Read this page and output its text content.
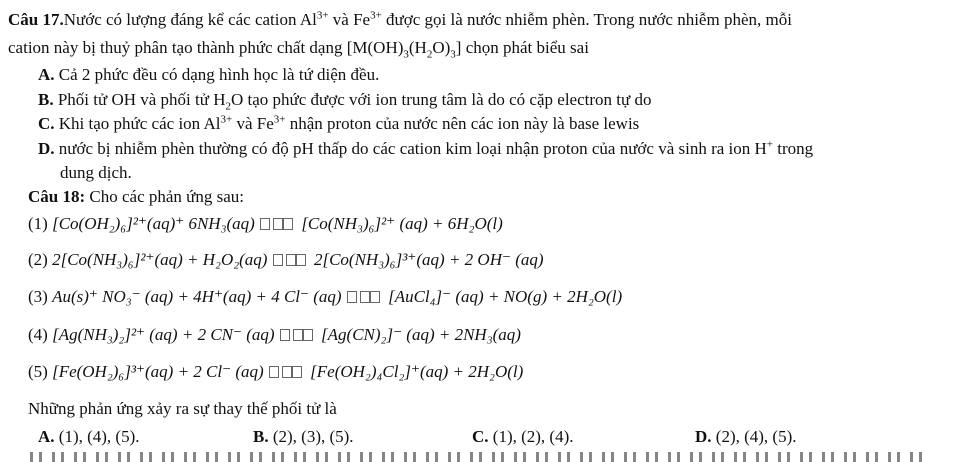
Câu 17.Nước có lượng đáng kể các cation $Al^{3+}$ và $Fe^{3+}$ được gọi là nước nhiễm phèn. Trong nước nhiễm phèn, mỗi
cation này bị thuỷ phân tạo thành phức chất dạng $[M(OH)_3(H_2O)_3]$ chọn phát biểu sai
A. Cả 2 phức đều có dạng hình học là tứ diện đều.
B. Phối tử OH và phối tử $H_2O$ tạo phức được với ion trung tâm là do có cặp electron tự do
C. Khi tạo phức các ion $Al^{3+}$ và $Fe^{3+}$ nhận proton của nước nên các ion này là base lewis
D. nước bị nhiễm phèn thường có độ pH thấp do các cation kim loại nhận proton của nước và sinh ra ion H+ trong
dung dịch.
Câu 18: Cho các phản ứng sau:
(1) [Co(OH₂)₆]²⁺(aq)⁺ 6NH₃(aq)	[Co(NH₃)₆]²⁺ (aq) + 6H₂O(l)
(2) 2[Co(NH₃)₆]²⁺(aq) + H₂O₂(aq)	2[Co(NH₃)₆]³⁺(aq) + 2 OH⁻ (aq)
(3) Au(s)⁺ NO₃⁻ (aq) + 4H⁺(aq) + 4 Cl⁻ (aq)	[AuCl₄]⁻ (aq) + NO(g) + 2H₂O(l)
(4) [Ag(NH₃)₂]²⁺ (aq) + 2 CN⁻ (aq)	[Ag(CN)₂]⁻ (aq) + 2NH₃(aq)
(5) [Fe(OH₂)₆]³⁺(aq) + 2 Cl⁻ (aq)	[Fe(OH₂)₄Cl₂]⁺(aq) + 2H₂O(l)
Những phản ứng xảy ra sự thay thế phối tử là
A. (1), (4), (5).	B. (2), (3), (5).	C. (1), (2), (4).	D. (2), (4), (5).
